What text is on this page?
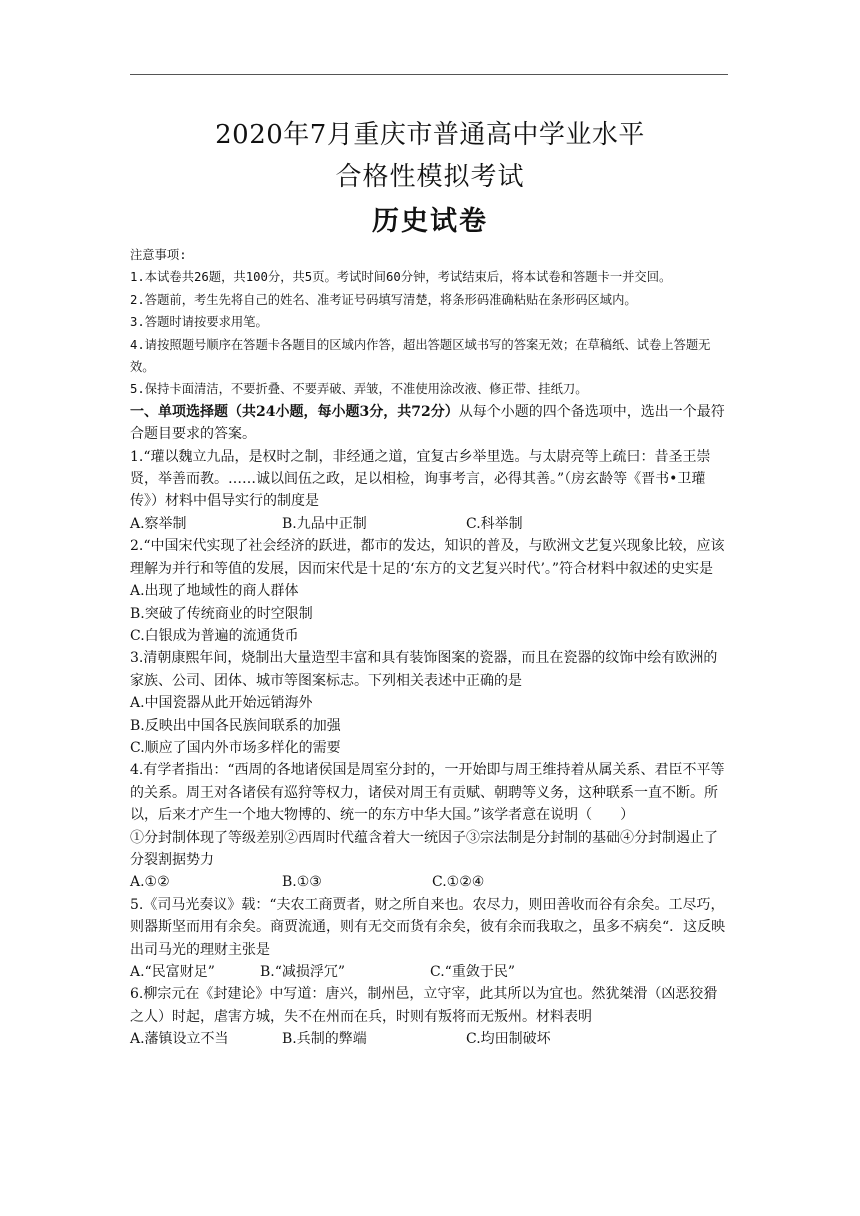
2020年7月重庆市普通高中学业水平
合格性模拟考试
历史试卷

注意事项:

1.本试卷共26题，共100分，共5页。考试时间60分钟，考试结束后，将本试卷和答题卡一并交回。

2.答题前，考生先将自己的姓名、准考证号码填写清楚，将条形码准确粘贴在条形码区域内。

3.答题时请按要求用笔。

4.请按照题号顺序在答题卡各题目的区域内作答，超出答题区域书写的答案无效；在草稿纸、试卷上答题无效。

5.保持卡面清洁，不要折叠、不要弄破、弄皱，不准使用涂改液、修正带、挂纸刀。

一、单项选择题（共24小题，每小题3分，共72分）从每个小题的四个备选项中，选出一个最符合题目要求的答案。

1.“瓘以魏立九品，是权时之制，非经通之道，宜复古乡举里选。与太尉亮等上疏曰：昔圣王崇贤，举善而教。……诚以闾伍之政，足以相检，询事考言，必得其善。”（房玄龄等《晋书•卫瓘传》）材料中倡导实行的制度是

A.察举制	B.九品中正制	C.科举制

2.“中国宋代实现了社会经济的跃进，都市的发达，知识的普及，与欧洲文艺复兴现象比较，应该理解为并行和等值的发展，因而宋代是十足的‘东方的文艺复兴时代’。”符合材料中叙述的史实是

A.出现了地域性的商人群体

B.突破了传统商业的时空限制

C.白银成为普遍的流通货币

3.清朝康熙年间，烧制出大量造型丰富和具有装饰图案的瓷器，而且在瓷器的纹饰中绘有欧洲的家族、公司、团体、城市等图案标志。下列相关表述中正确的是

A.中国瓷器从此开始远销海外

B.反映出中国各民族间联系的加强

C.顺应了国内外市场多样化的需要

4.有学者指出：“西周的各地诸侯国是周室分封的，一开始即与周王维持着从属关系、君臣不平等的关系。周王对各诸侯有巡狩等权力，诸侯对周王有贡赋、朝聘等义务，这种联系一直不断。所以，后来才产生一个地大物博的、统一的东方中华大国。”该学者意在说明（　　）

①分封制体现了等级差别②西周时代蕴含着大一统因子③宗法制是分封制的基础④分封制遏止了分裂割据势力

A.①②	B.①③	C.①②④

5.《司马光奏议》载：“夫农工商贾者，财之所自来也。农尽力，则田善收而谷有余矣。工尽巧，则器斯坚而用有余矣。商贾流通，则有无交而货有余矣，彼有余而我取之，虽多不病矣“．这反映出司马光的理财主张是

A.“民富财足”	B.“减损浮冗”	C.“重敛于民”

6.柳宗元在《封建论》中写道：唐兴，制州邑，立守宰，此其所以为宜也。然犹桀滑（凶恶狡猾之人）时起，虐害方城，失不在州而在兵，时则有叛将而无叛州。材料表明

A.藩镇设立不当	B.兵制的弊端	C.均田制破坏
